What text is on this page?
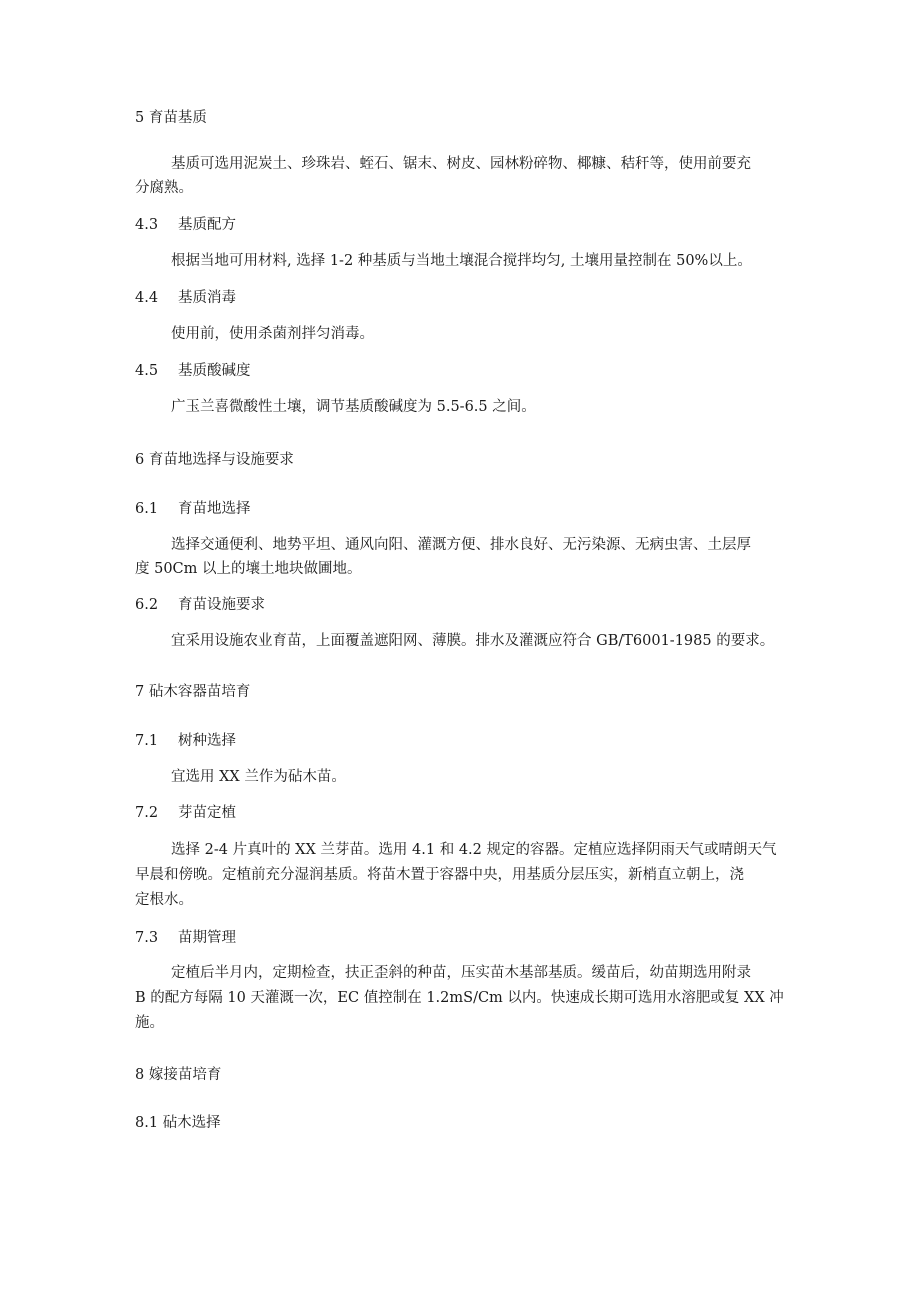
5 育苗基质
基质可选用泥炭土、珍珠岩、蛭石、锯末、树皮、园林粉碎物、椰糠、秸秆等，使用前要充
分腐熟。
4.3 基质配方
根据当地可用材料, 选择 1-2 种基质与当地土壤混合搅拌均匀, 土壤用量控制在 50%以上。
4.4 基质消毒
使用前，使用杀菌剂拌匀消毒。
4.5 基质酸碱度
广玉兰喜微酸性土壤，调节基质酸碱度为 5.5-6.5 之间。
6 育苗地选择与设施要求
6.1 育苗地选择
选择交通便利、地势平坦、通风向阳、灌溉方便、排水良好、无污染源、无病虫害、土层厚
度 50Cm 以上的壤土地块做圃地。
6.2 育苗设施要求
宜采用设施农业育苗，上面覆盖遮阳网、薄膜。排水及灌溉应符合 GB/T6001-1985 的要求。
7 砧木容器苗培育
7.1 树种选择
宜选用 XX 兰作为砧木苗。
7.2 芽苗定植
选择 2-4 片真叶的 XX 兰芽苗。选用 4.1 和 4.2 规定的容器。定植应选择阴雨天气或晴朗天气
早晨和傍晚。定植前充分湿润基质。将苗木置于容器中央，用基质分层压实，新梢直立朝上，浇
定根水。
7.3 苗期管理
定植后半月内，定期检查，扶正歪斜的种苗，压实苗木基部基质。缓苗后，幼苗期选用附录
B 的配方每隔 10 天灌溉一次，EC 值控制在 1.2mS/Cm 以内。快速成长期可选用水溶肥或复 XX 冲
施。
8 嫁接苗培育
8.1 砧木选择
